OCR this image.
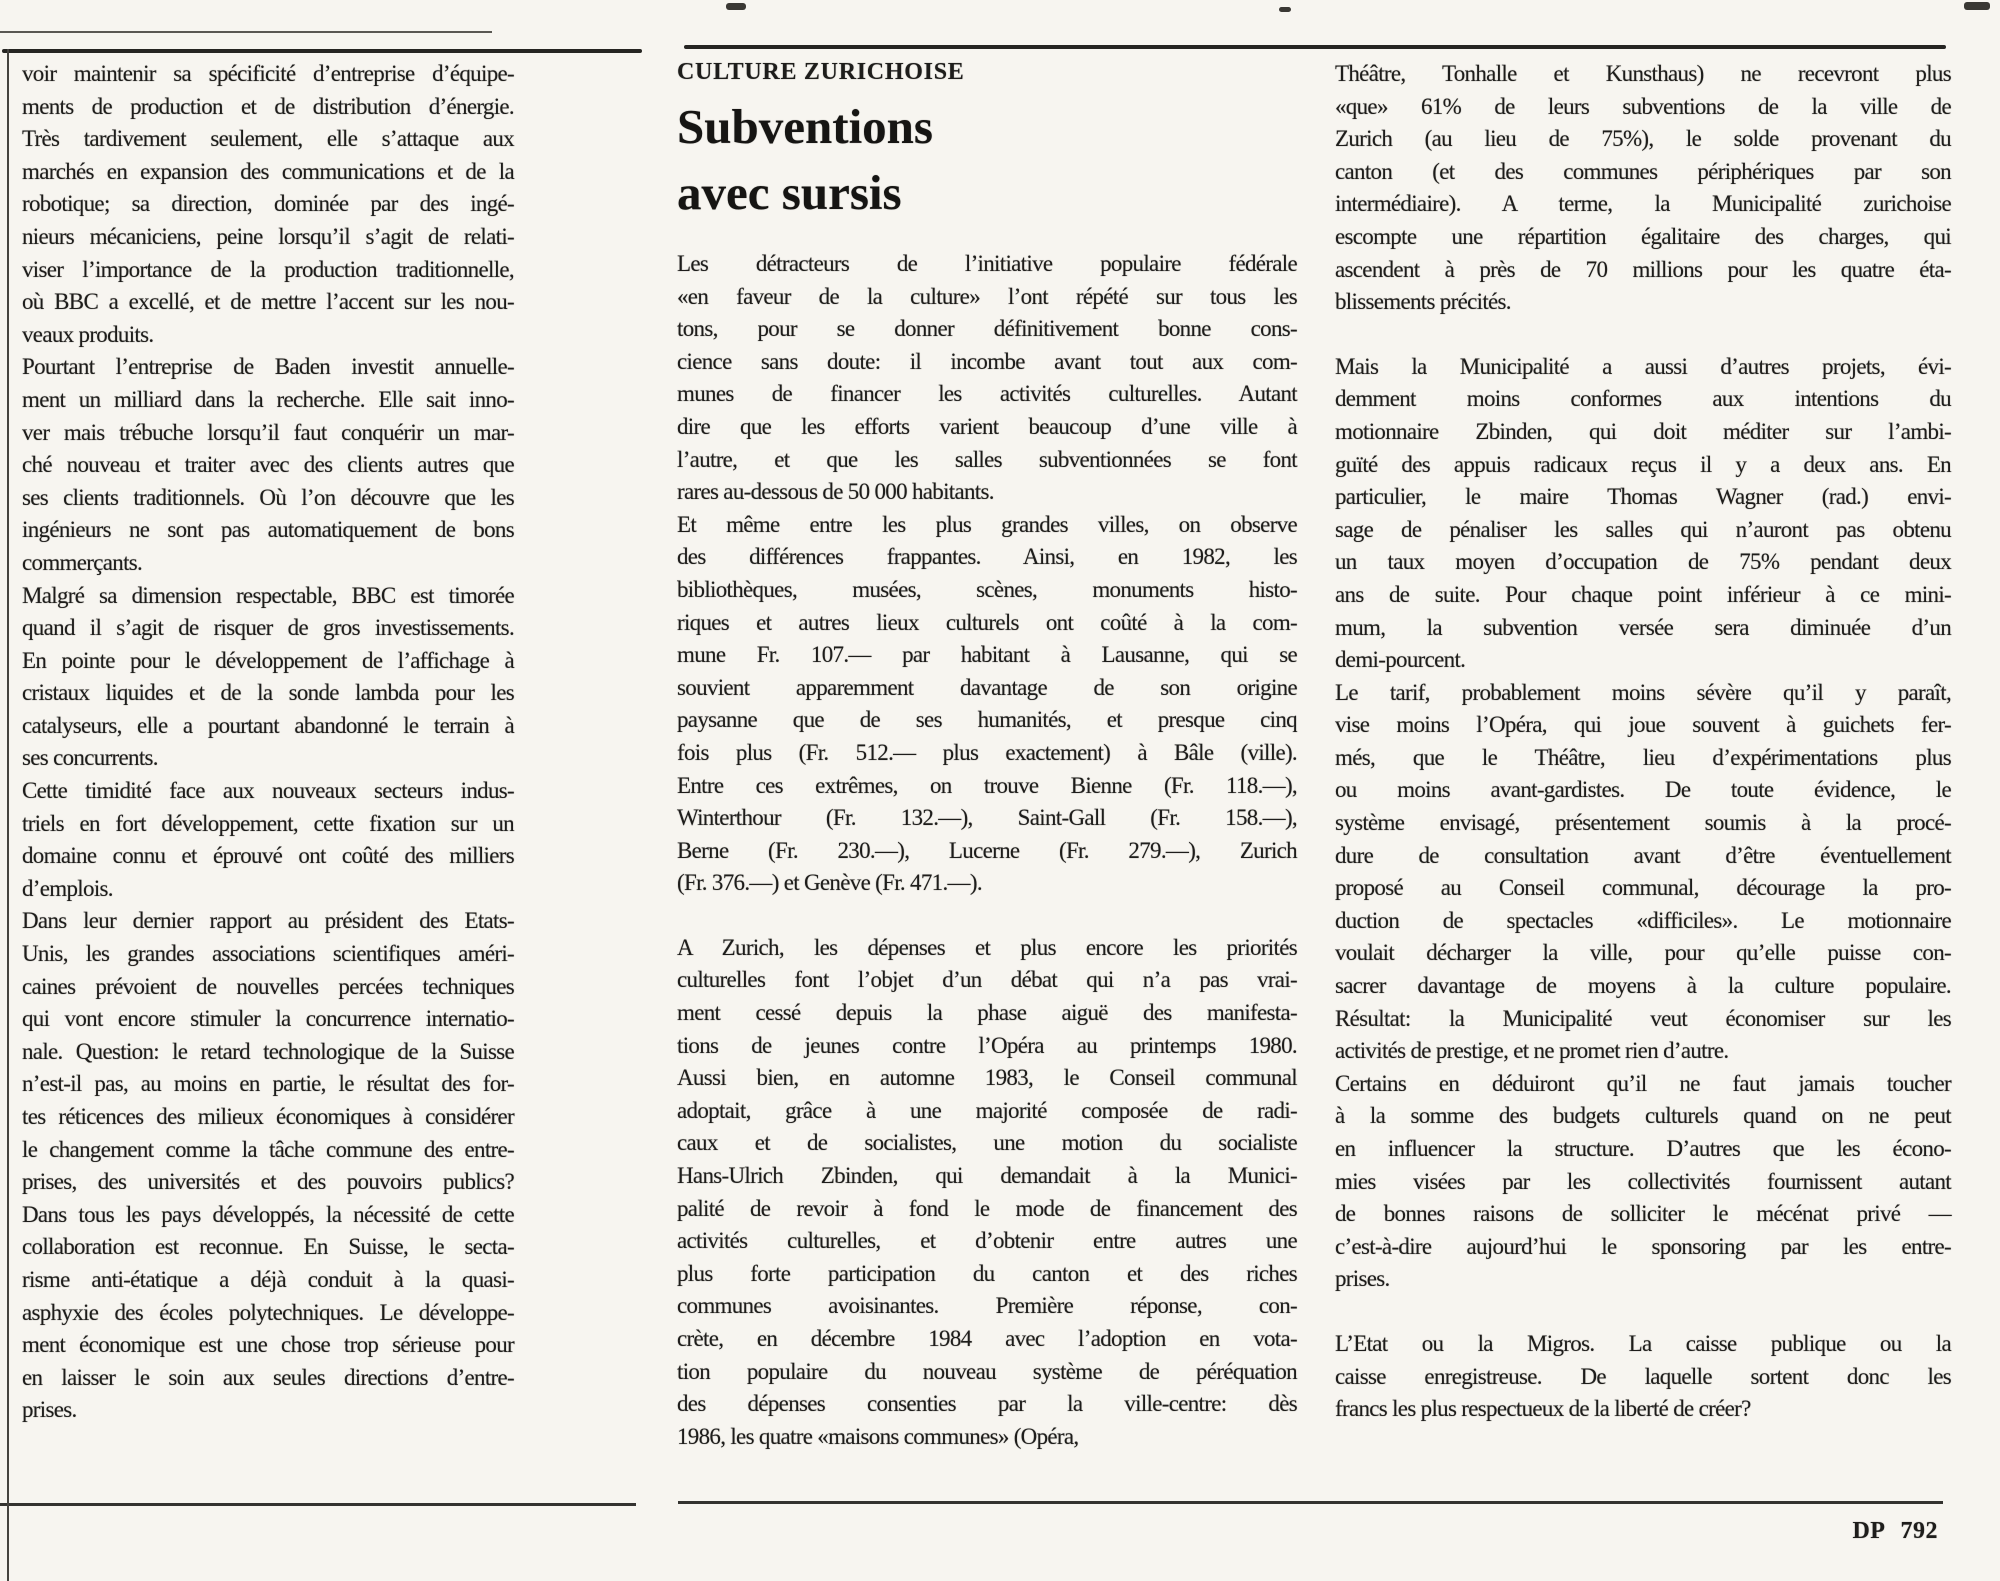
voir maintenir sa spécificité d’entreprise d’équipe-
ments de production et de distribution d’énergie.
Très tardivement seulement, elle s’attaque aux
marchés en expansion des communications et de la
robotique; sa direction, dominée par des ingé-
nieurs mécaniciens, peine lorsqu’il s’agit de relati-
viser l’importance de la production traditionnelle,
où BBC a excellé, et de mettre l’accent sur les nou-
veaux produits.
Pourtant l’entreprise de Baden investit annuelle-
ment un milliard dans la recherche. Elle sait inno-
ver mais trébuche lorsqu’il faut conquérir un mar-
ché nouveau et traiter avec des clients autres que
ses clients traditionnels. Où l’on découvre que les
ingénieurs ne sont pas automatiquement de bons
commerçants.
Malgré sa dimension respectable, BBC est timorée
quand il s’agit de risquer de gros investissements.
En pointe pour le développement de l’affichage à
cristaux liquides et de la sonde lambda pour les
catalyseurs, elle a pourtant abandonné le terrain à
ses concurrents.
Cette timidité face aux nouveaux secteurs indus-
triels en fort développement, cette fixation sur un
domaine connu et éprouvé ont coûté des milliers
d’emplois.
Dans leur dernier rapport au président des Etats-
Unis, les grandes associations scientifiques améri-
caines prévoient de nouvelles percées techniques
qui vont encore stimuler la concurrence internatio-
nale. Question: le retard technologique de la Suisse
n’est-il pas, au moins en partie, le résultat des for-
tes réticences des milieux économiques à considérer
le changement comme la tâche commune des entre-
prises, des universités et des pouvoirs publics?
Dans tous les pays développés, la nécessité de cette
collaboration est reconnue. En Suisse, le secta-
risme anti-étatique a déjà conduit à la quasi-
asphyxie des écoles polytechniques. Le développe-
ment économique est une chose trop sérieuse pour
en laisser le soin aux seules directions d’entre-
prises.
CULTURE ZURICHOISE
Subventions
avec sursis
Les détracteurs de l’initiative populaire fédérale
«en faveur de la culture» l’ont répété sur tous les
tons, pour se donner définitivement bonne cons-
cience sans doute: il incombe avant tout aux com-
munes de financer les activités culturelles. Autant
dire que les efforts varient beaucoup d’une ville à
l’autre, et que les salles subventionnées se font
rares au-dessous de 50 000 habitants.
Et même entre les plus grandes villes, on observe
des différences frappantes. Ainsi, en 1982, les
bibliothèques, musées, scènes, monuments histo-
riques et autres lieux culturels ont coûté à la com-
mune Fr. 107.— par habitant à Lausanne, qui se
souvient apparemment davantage de son origine
paysanne que de ses humanités, et presque cinq
fois plus (Fr. 512.— plus exactement) à Bâle (ville).
Entre ces extrêmes, on trouve Bienne (Fr. 118.—),
Winterthour (Fr. 132.—), Saint-Gall (Fr. 158.—),
Berne (Fr. 230.—), Lucerne (Fr. 279.—), Zurich
(Fr. 376.—) et Genève (Fr. 471.—).
A Zurich, les dépenses et plus encore les priorités
culturelles font l’objet d’un débat qui n’a pas vrai-
ment cessé depuis la phase aiguë des manifesta-
tions de jeunes contre l’Opéra au printemps 1980.
Aussi bien, en automne 1983, le Conseil communal
adoptait, grâce à une majorité composée de radi-
caux et de socialistes, une motion du socialiste
Hans-Ulrich Zbinden, qui demandait à la Munici-
palité de revoir à fond le mode de financement des
activités culturelles, et d’obtenir entre autres une
plus forte participation du canton et des riches
communes avoisinantes. Première réponse, con-
crète, en décembre 1984 avec l’adoption en vota-
tion populaire du nouveau système de péréquation
des dépenses consenties par la ville-centre: dès
1986, les quatre «maisons communes» (Opéra,
Théâtre, Tonhalle et Kunsthaus) ne recevront plus
«que» 61% de leurs subventions de la ville de
Zurich (au lieu de 75%), le solde provenant du
canton (et des communes périphériques par son
intermédiaire). A terme, la Municipalité zurichoise
escompte une répartition égalitaire des charges, qui
ascendent à près de 70 millions pour les quatre éta-
blissements précités.
Mais la Municipalité a aussi d’autres projets, évi-
demment moins conformes aux intentions du
motionnaire Zbinden, qui doit méditer sur l’ambi-
guïté des appuis radicaux reçus il y a deux ans. En
particulier, le maire Thomas Wagner (rad.) envi-
sage de pénaliser les salles qui n’auront pas obtenu
un taux moyen d’occupation de 75% pendant deux
ans de suite. Pour chaque point inférieur à ce mini-
mum, la subvention versée sera diminuée d’un
demi-pourcent.
Le tarif, probablement moins sévère qu’il y paraît,
vise moins l’Opéra, qui joue souvent à guichets fer-
més, que le Théâtre, lieu d’expérimentations plus
ou moins avant-gardistes. De toute évidence, le
système envisagé, présentement soumis à la procé-
dure de consultation avant d’être éventuellement
proposé au Conseil communal, décourage la pro-
duction de spectacles «difficiles». Le motionnaire
voulait décharger la ville, pour qu’elle puisse con-
sacrer davantage de moyens à la culture populaire.
Résultat: la Municipalité veut économiser sur les
activités de prestige, et ne promet rien d’autre.
Certains en déduiront qu’il ne faut jamais toucher
à la somme des budgets culturels quand on ne peut
en influencer la structure. D’autres que les écono-
mies visées par les collectivités fournissent autant
de bonnes raisons de solliciter le mécénat privé —
c’est-à-dire aujourd’hui le sponsoring par les entre-
prises.
L’Etat ou la Migros. La caisse publique ou la
caisse enregistreuse. De laquelle sortent donc les
francs les plus respectueux de la liberté de créer?
DP 792
